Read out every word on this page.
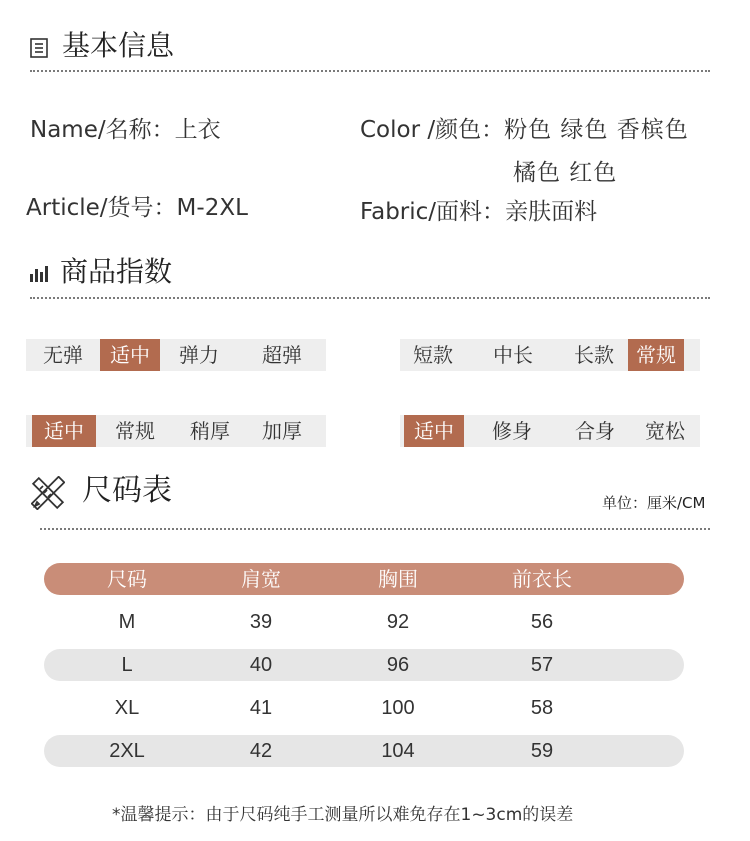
基本信息
Name/名称：上衣	Color /颜色：粉色 绿色 香槟色
橘色 红色
Article/货号：M-2XL	Fabric/面料：亲肤面料
商品指数
无弹	适中	弹力	超弹	短款	中长	长款	常规
适中	常规	稍厚	加厚	适中	修身	合身	宽松
尺码表	单位：厘米/CM
尺码	肩宽	胸围	前衣长
M	39	92	56
L	40	96	57
XL	41	100	58
2XL	42	104	59
*温馨提示：由于尺码纯手工测量所以难免存在1~3cm的误差
